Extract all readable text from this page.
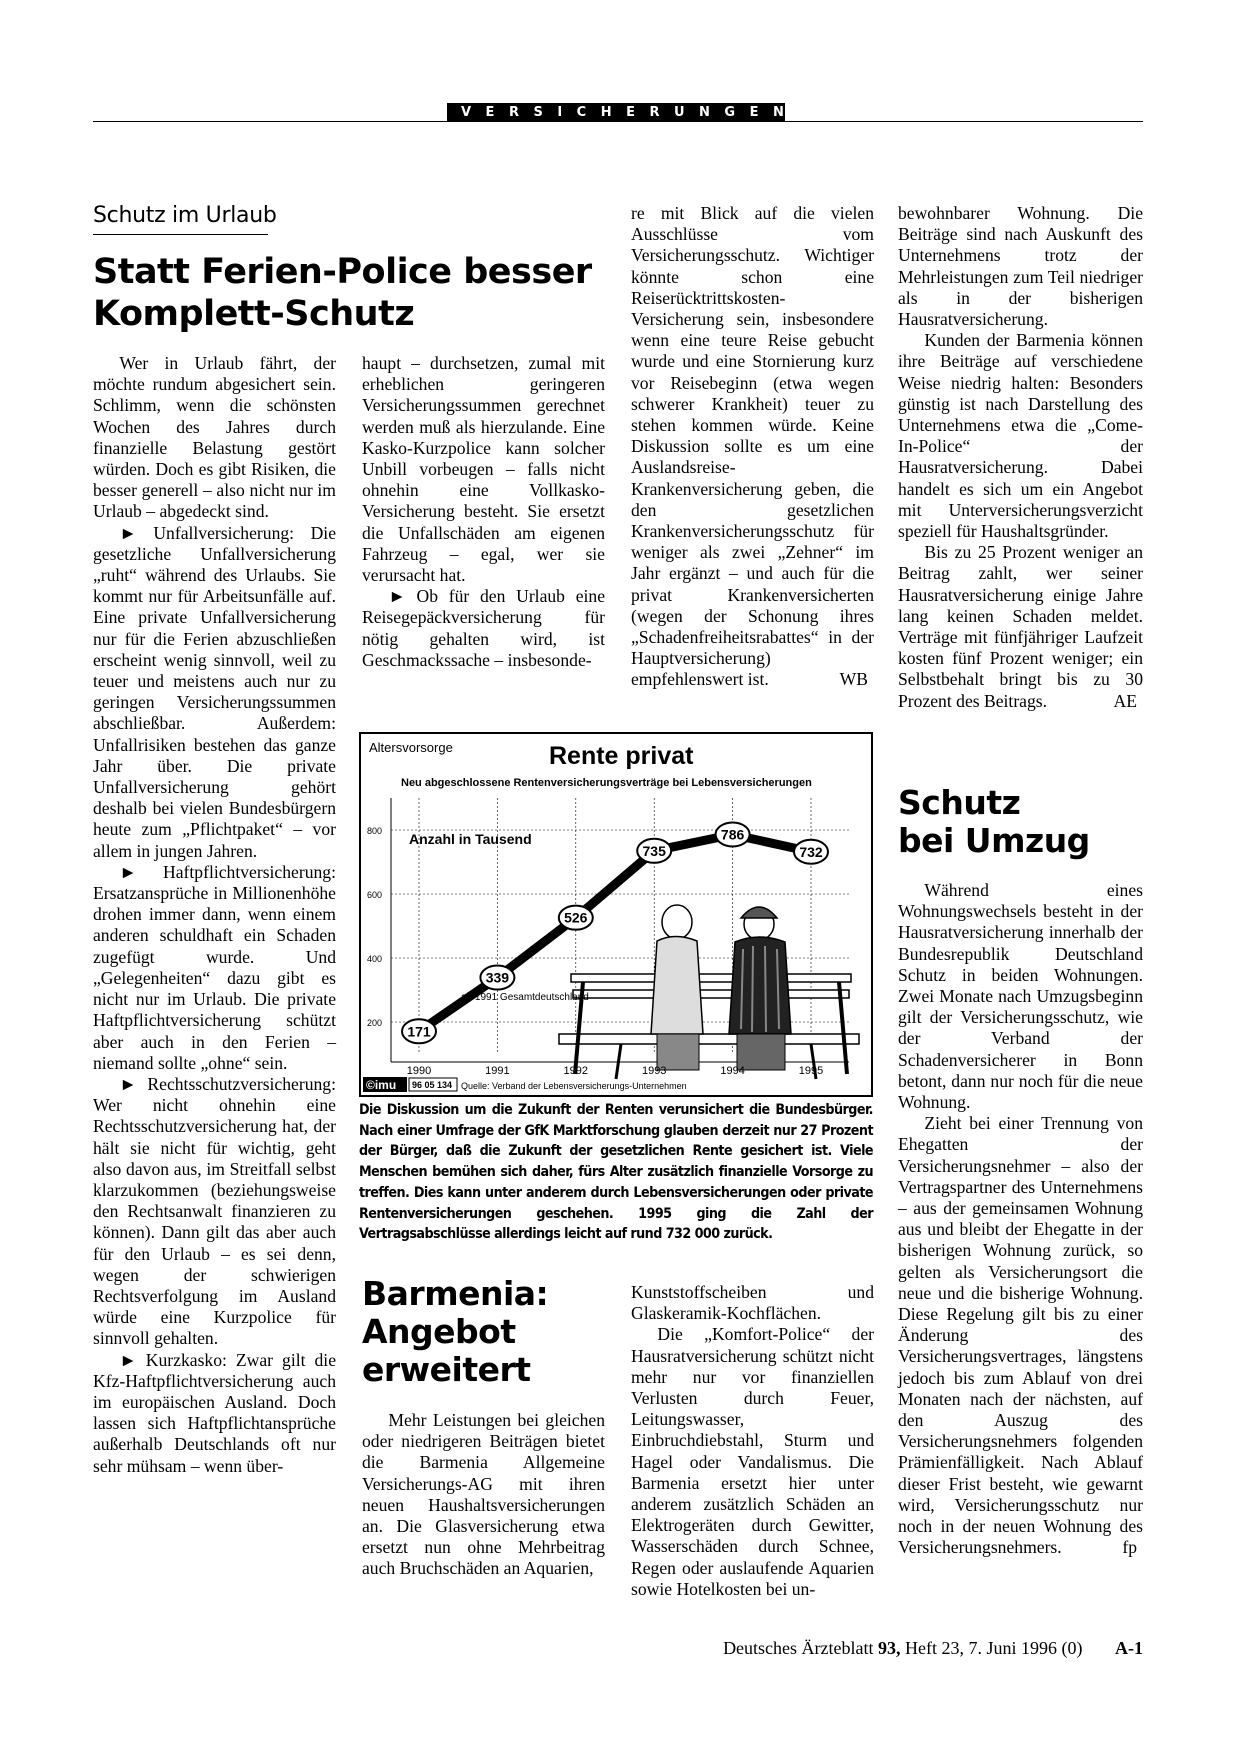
VERSICHERUNGEN
Schutz im Urlaub
Statt Ferien-Police besser
Komplett-Schutz

Wer in Urlaub fährt, der möchte rundum abgesichert sein. Schlimm, wenn die schönsten Wochen des Jahres durch finanzielle Belastung gestört würden. Doch es gibt Risiken, die besser generell – also nicht nur im Urlaub – abgedeckt sind.

► Unfallversicherung: Die gesetzliche Unfallversicherung „ruht“ während des Urlaubs. Sie kommt nur für Arbeitsunfälle auf. Eine private Unfallversicherung nur für die Ferien abzuschließen erscheint wenig sinnvoll, weil zu teuer und meistens auch nur zu geringen Versicherungssummen abschließbar. Außerdem: Unfallrisiken bestehen das ganze Jahr über. Die private Unfallversicherung gehört deshalb bei vielen Bundesbürgern heute zum „Pflichtpaket“ – vor allem in jungen Jahren.

► Haftpflichtversicherung: Ersatzansprüche in Millionenhöhe drohen immer dann, wenn einem anderen schuldhaft ein Schaden zugefügt wurde. Und „Gelegenheiten“ dazu gibt es nicht nur im Urlaub. Die private Haftpflichtversicherung schützt aber auch in den Ferien – niemand sollte „ohne“ sein.

► Rechtsschutzversicherung: Wer nicht ohnehin eine Rechtsschutzversicherung hat, der hält sie nicht für wichtig, geht also davon aus, im Streitfall selbst klarzukommen (beziehungsweise den Rechtsanwalt finanzieren zu können). Dann gilt das aber auch für den Urlaub – es sei denn, wegen der schwierigen Rechtsverfolgung im Ausland würde eine Kurzpolice für sinnvoll gehalten.

► Kurzkasko: Zwar gilt die Kfz-Haftpflichtversicherung auch im europäischen Ausland. Doch lassen sich Haftpflichtansprüche außerhalb Deutschlands oft nur sehr mühsam – wenn über-

haupt – durchsetzen, zumal mit erheblichen geringeren Versicherungssummen gerechnet werden muß als hierzulande. Eine Kasko-Kurzpolice kann solcher Unbill vorbeugen – falls nicht ohnehin eine Vollkasko-Versicherung besteht. Sie ersetzt die Unfallschäden am eigenen Fahrzeug – egal, wer sie verursacht hat.

► Ob für den Urlaub eine Reisegepäckversicherung für nötig gehalten wird, ist Geschmackssache – insbesonde-

re mit Blick auf die vielen Ausschlüsse vom Versicherungsschutz. Wichtiger könnte schon eine Reiserücktrittskosten-Versicherung sein, insbesondere wenn eine teure Reise gebucht wurde und eine Stornierung kurz vor Reisebeginn (etwa wegen schwerer Krankheit) teuer zu stehen kommen würde. Keine Diskussion sollte es um eine Auslandsreise-Krankenversicherung geben, die den gesetzlichen Krankenversicherungsschutz für weniger als zwei „Zehner“ im Jahr ergänzt – und auch für die privat Krankenversicherten (wegen der Schonung ihres „Schadenfreiheitsrabattes“ in der Hauptversicherung) empfehlenswert ist.	WB

bewohnbarer Wohnung. Die Beiträge sind nach Auskunft des Unternehmens trotz der Mehrleistungen zum Teil niedriger als in der bisherigen Hausratversicherung.

Kunden der Barmenia können ihre Beiträge auf verschiedene Weise niedrig halten: Besonders günstig ist nach Darstellung des Unternehmens etwa die „Come-In-Police“ der Hausratversicherung. Dabei handelt es sich um ein Angebot mit Unterversicherungsverzicht speziell für Haushaltsgründer.

Bis zu 25 Prozent weniger an Beitrag zahlt, wer seiner Hausratversicherung einige Jahre lang keinen Schaden meldet. Verträge mit fünfjähriger Laufzeit kosten fünf Prozent weniger; ein Selbstbehalt bringt bis zu 30 Prozent des Beitrags.	AE

Schutz
bei Umzug

Während eines Wohnungswechsels besteht in der Hausratversicherung innerhalb der Bundesrepublik Deutschland Schutz in beiden Wohnungen. Zwei Monate nach Umzugsbeginn gilt der Versicherungsschutz, wie der Verband der Schadenversicherer in Bonn betont, dann nur noch für die neue Wohnung.

Zieht bei einer Trennung von Ehegatten der Versicherungsnehmer – also der Vertragspartner des Unternehmens – aus der gemeinsamen Wohnung aus und bleibt der Ehegatte in der bisherigen Wohnung zurück, so gelten als Versicherungsort die neue und die bisherige Wohnung. Diese Regelung gilt bis zu einer Änderung des Versicherungsvertrages, längstens jedoch bis zum Ablauf von drei Monaten nach der nächsten, auf den Auszug des Versicherungsnehmers folgenden Prämienfälligkeit. Nach Ablauf dieser Frist besteht, wie gewarnt wird, Versicherungsschutz nur noch in der neuen Wohnung des Versicherungsnehmers.	fp

171
339
526
735
786
732
1990	1991	1992	1993	1994	1995
200
400
600
800
Altersvorsorge	Rente privat
Neu abgeschlossene Rentenversicherungsverträge bei Lebensversicherungen
Anzahl in Tausend
ab 1991 Gesamtdeutschland
©imu 96 05 134 Quelle: Verband der Lebensversicherungs-Unternehmen
Die Diskussion um die Zukunft der Renten verunsichert die Bundesbürger. Nach einer Umfrage der GfK Marktforschung glauben derzeit nur 27 Prozent der Bürger, daß die Zukunft der gesetzlichen Rente gesichert ist. Viele Menschen bemühen sich daher, fürs Alter zusätzlich finanzielle Vorsorge zu treffen. Dies kann unter anderem durch Lebensversicherungen oder private Rentenversicherungen geschehen. 1995 ging die Zahl der Vertragsabschlüsse allerdings leicht auf rund 732 000 zurück.
Barmenia:
Angebot
erweitert

Mehr Leistungen bei gleichen oder niedrigeren Beiträgen bietet die Barmenia Allgemeine Versicherungs-AG mit ihren neuen Haushaltsversicherungen an. Die Glasversicherung etwa ersetzt nun ohne Mehrbeitrag auch Bruchschäden an Aquarien,

Kunststoffscheiben und Glaskeramik-Kochflächen.

Die „Komfort-Police“ der Hausratversicherung schützt nicht mehr nur vor finanziellen Verlusten durch Feuer, Leitungswasser, Einbruchdiebstahl, Sturm und Hagel oder Vandalismus. Die Barmenia ersetzt hier unter anderem zusätzlich Schäden an Elektrogeräten durch Gewitter, Wasserschäden durch Schnee, Regen oder auslaufende Aquarien sowie Hotelkosten bei un-

Deutsches Ärzteblatt 93, Heft 23, 7. Juni 1996 (0) A-1
